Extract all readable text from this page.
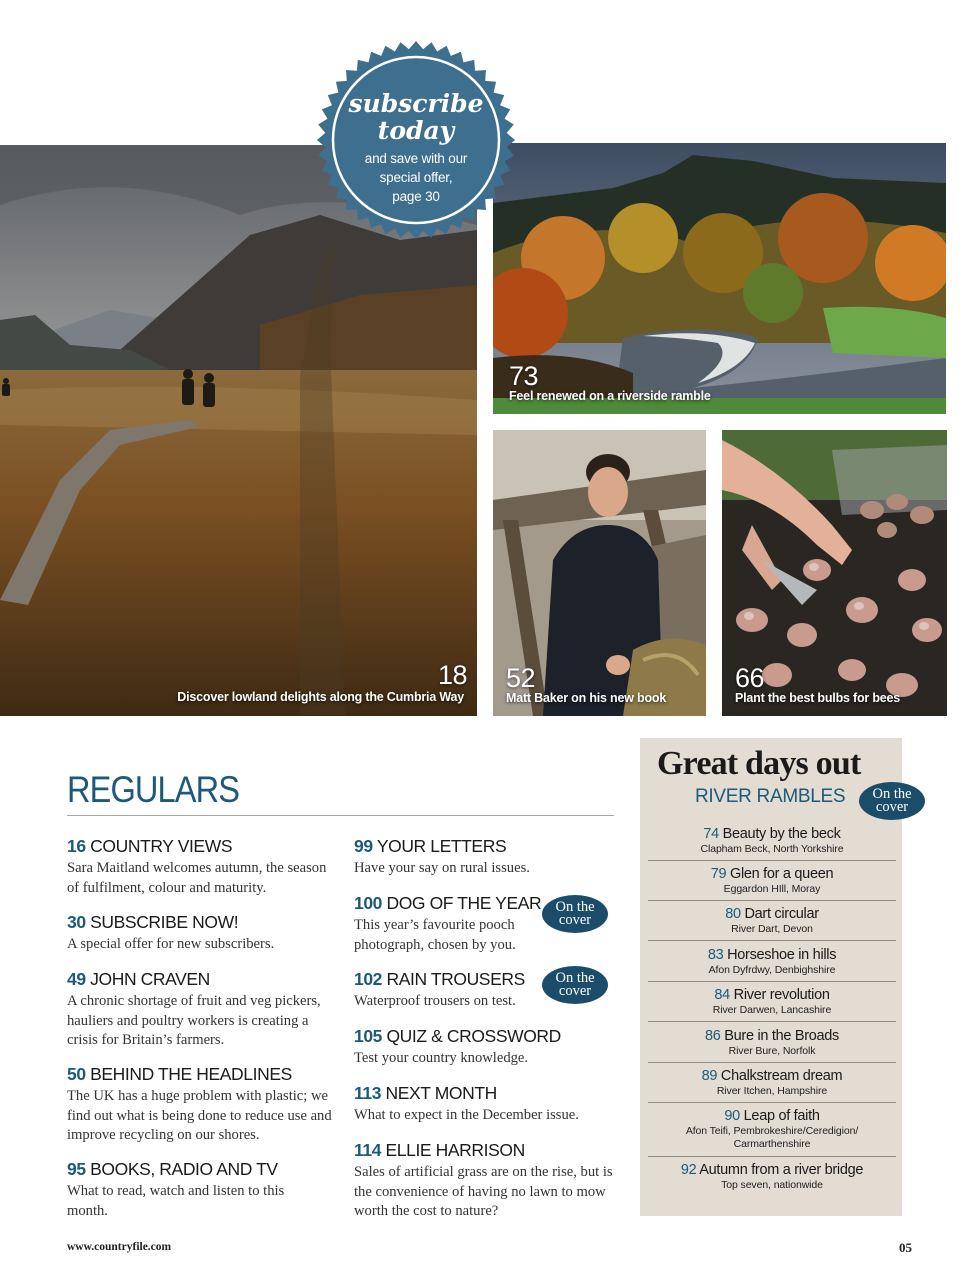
18
Discover lowland delights along the Cumbria Way
73
Feel renewed on a riverside ramble
52
Matt Baker on his new book
66
Plant the best bulbs for bees
subscribe
today
and save with our
special offer,
page 30
REGULARS
16 COUNTRY VIEWS
Sara Maitland welcomes autumn, the season of fulfilment, colour and maturity.
30 SUBSCRIBE NOW!
A special offer for new subscribers.
49 JOHN CRAVEN
A chronic shortage of fruit and veg pickers, hauliers and poultry workers is creating a crisis for Britain’s farmers.
50 BEHIND THE HEADLINES
The UK has a huge problem with plastic; we find out what is being done to reduce use and improve recycling on our shores.
95 BOOKS, RADIO AND TV
What to read, watch and listen to this month.
99 YOUR LETTERS
Have your say on rural issues.
100 DOG OF THE YEAR
This year’s favourite pooch photograph, chosen by you.
On the
cover
102 RAIN TROUSERS
Waterproof trousers on test.
On the
cover
105 QUIZ & CROSSWORD
Test your country knowledge.
113 NEXT MONTH
What to expect in the December issue.
114 ELLIE HARRISON
Sales of artificial grass are on the rise, but is the convenience of having no lawn to mow worth the cost to nature?
Great days out
RIVER RAMBLES	On the
cover
74 Beauty by the beck
Clapham Beck, North Yorkshire
79 Glen for a queen
Eggardon HIll, Moray
80 Dart circular
River Dart, Devon
83 Horseshoe in hills
Afon Dyfrdwy, Denbighshire
84 River revolution
River Darwen, Lancashire
86 Bure in the Broads
River Bure, Norfolk
89 Chalkstream dream
River Itchen, Hampshire
90 Leap of faith
Afon Teifi, Pembrokeshire/Ceredigion/ Carmarthenshire
92 Autumn from a river bridge
Top seven, nationwide
www.countryfile.com	05
